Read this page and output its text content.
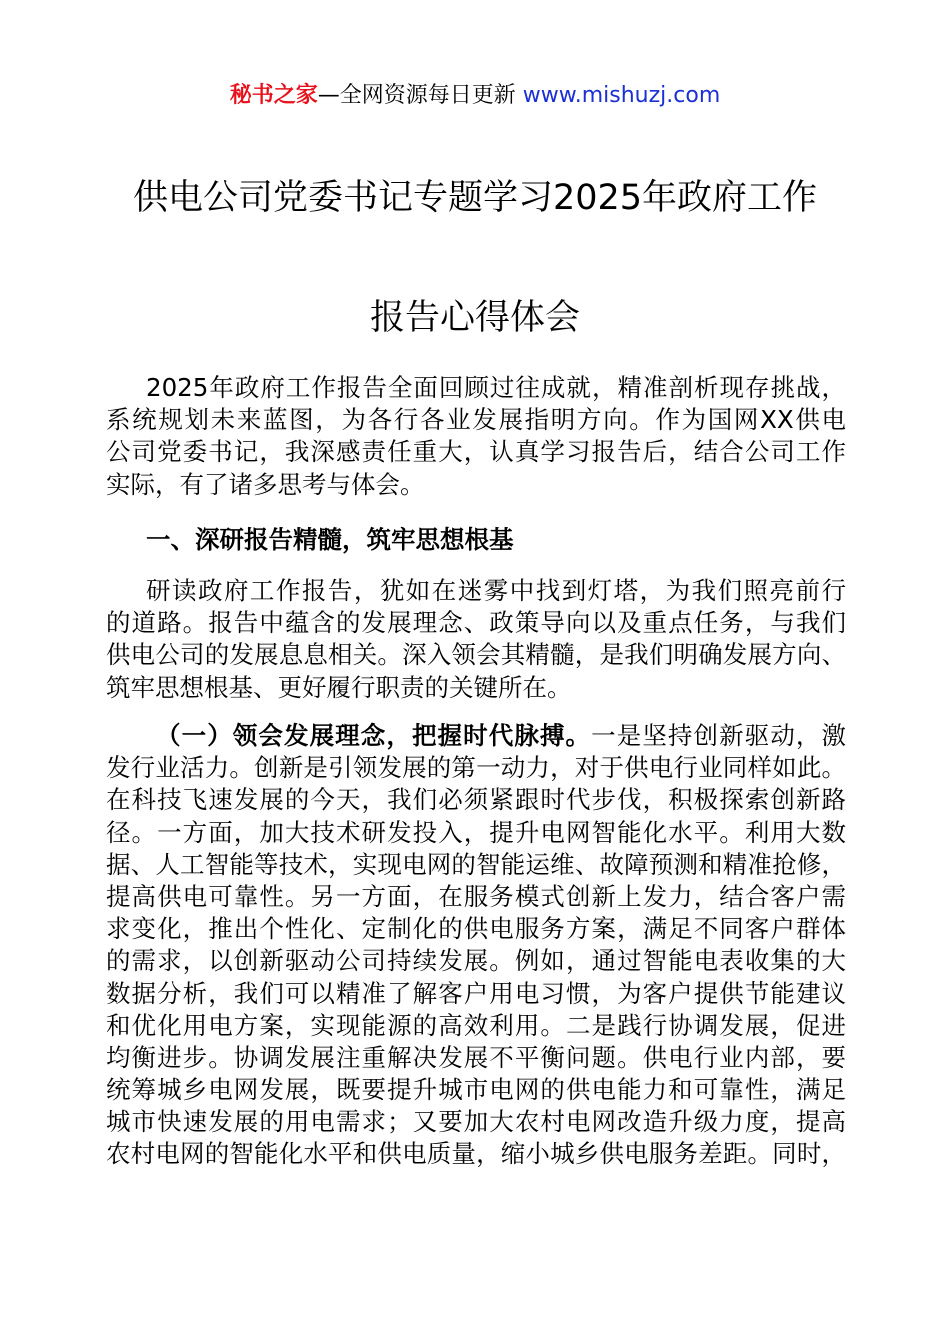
秘书之家—全网资源每日更新 www.mishuzj.com
供电公司党委书记专题学习2025年政府工作
报告心得体会
2025年政府工作报告全面回顾过往成就，精准剖析现存挑战，
系统规划未来蓝图，为各行各业发展指明方向。作为国网XX供电
公司党委书记，我深感责任重大，认真学习报告后，结合公司工作
实际，有了诸多思考与体会。
一、深研报告精髓，筑牢思想根基
研读政府工作报告，犹如在迷雾中找到灯塔，为我们照亮前行
的道路。报告中蕴含的发展理念、政策导向以及重点任务，与我们
供电公司的发展息息相关。深入领会其精髓，是我们明确发展方向、
筑牢思想根基、更好履行职责的关键所在。
（一）领会发展理念，把握时代脉搏。一是坚持创新驱动，激
发行业活力。创新是引领发展的第一动力，对于供电行业同样如此。
在科技飞速发展的今天，我们必须紧跟时代步伐，积极探索创新路
径。一方面，加大技术研发投入，提升电网智能化水平。利用大数
据、人工智能等技术，实现电网的智能运维、故障预测和精准抢修，
提高供电可靠性。另一方面，在服务模式创新上发力，结合客户需
求变化，推出个性化、定制化的供电服务方案，满足不同客户群体
的需求，以创新驱动公司持续发展。例如，通过智能电表收集的大
数据分析，我们可以精准了解客户用电习惯，为客户提供节能建议
和优化用电方案，实现能源的高效利用。二是践行协调发展，促进
均衡进步。协调发展注重解决发展不平衡问题。供电行业内部，要
统筹城乡电网发展，既要提升城市电网的供电能力和可靠性，满足
城市快速发展的用电需求；又要加大农村电网改造升级力度，提高
农村电网的智能化水平和供电质量，缩小城乡供电服务差距。同时，
